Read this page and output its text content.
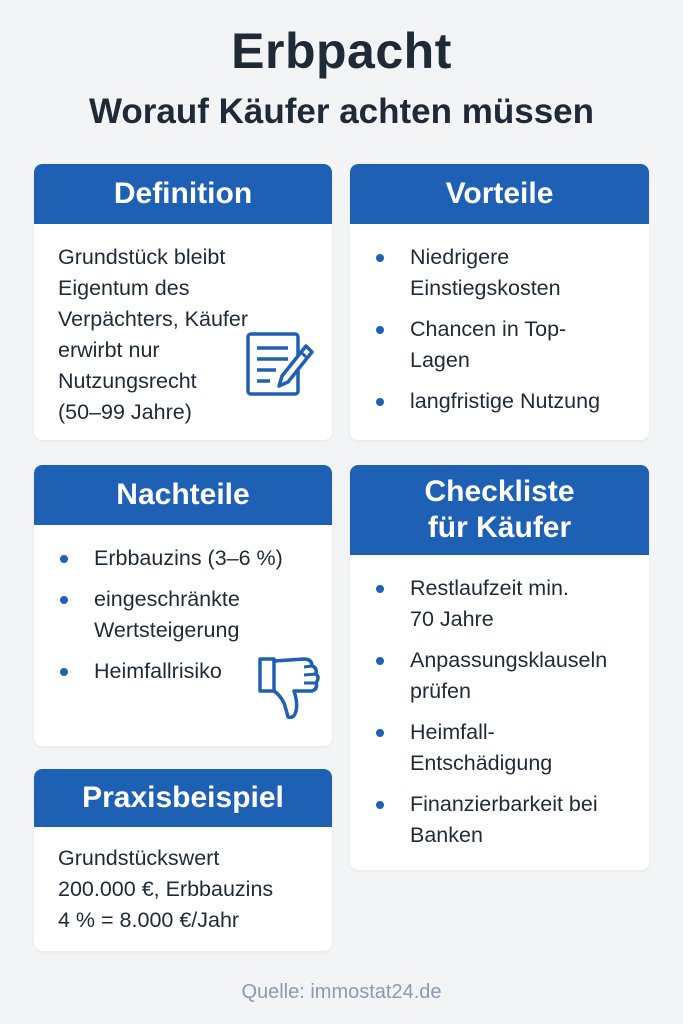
Erbpacht
Worauf Käufer achten müssen
Definition
Grundstück bleibt
Eigentum des
Verpächters, Käufer
erwirbt nur
Nutzungsrecht
(50–99 Jahre)
Vorteile
Niedrigere
Einstiegskosten
Chancen in Top-
Lagen
langfristige Nutzung
Nachteile
Erbbauzins (3–6 %)
eingeschränkte
Wertsteigerung
Heimfallrisiko
Checkliste
für Käufer
Restlaufzeit min.
70 Jahre
Anpassungsklauseln
prüfen
Heimfall-
Entschädigung
Finanzierbarkeit bei
Banken
Praxisbeispiel
Grundstückswert
200.000 €, Erbbauzins
4 % = 8.000 €/Jahr
Quelle: immostat24.de
